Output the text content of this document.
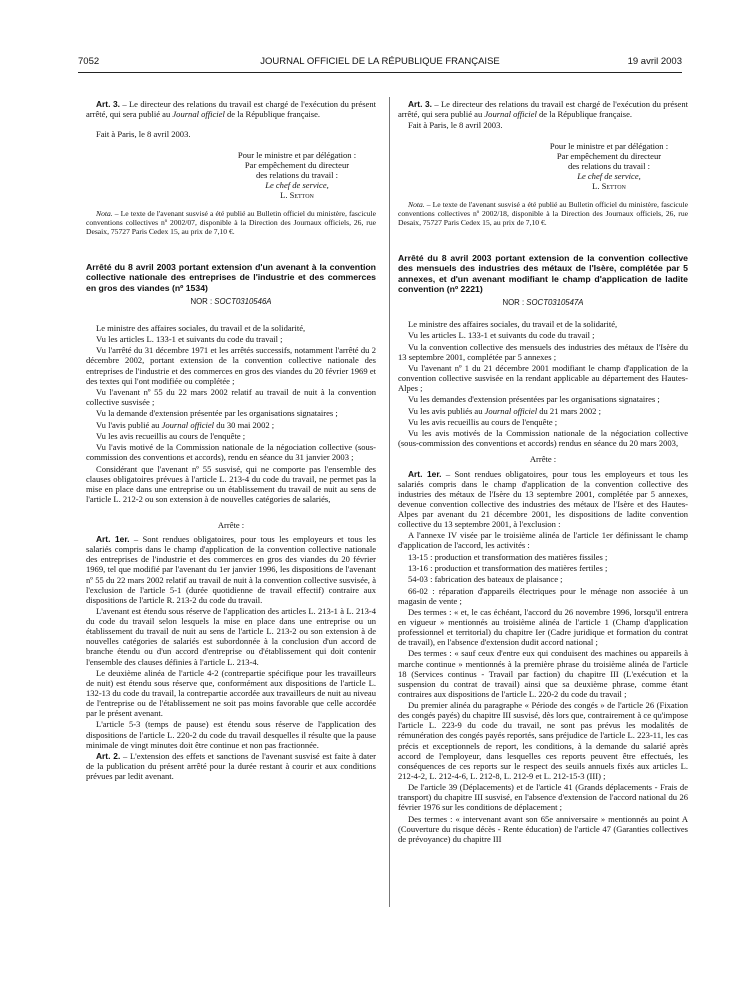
7052	JOURNAL OFFICIEL DE LA RÉPUBLIQUE FRANÇAISE	19 avril 2003

Art. 3. – Le directeur des relations du travail est chargé de l'exécution du présent arrêté, qui sera publié au Journal officiel de la République française.

Fait à Paris, le 8 avril 2003.

Pour le ministre et par délégation :

Par empêchement du directeur

des relations du travail :

Le chef de service,

L. Setton

Nota. – Le texte de l'avenant susvisé a été publié au Bulletin officiel du ministère, fascicule conventions collectives nº 2002/07, disponible à la Direction des Journaux officiels, 26, rue Desaix, 75727 Paris Cedex 15, au prix de 7,10 €.

Arrêté du 8 avril 2003 portant extension d'un avenant à la convention collective nationale des entreprises de l'industrie et des commerces en gros des viandes (nº 1534)
NOR : SOCT0310546A

Le ministre des affaires sociales, du travail et de la solidarité,

Vu les articles L. 133-1 et suivants du code du travail ;

Vu l'arrêté du 31 décembre 1971 et les arrêtés successifs, notamment l'arrêté du 2 décembre 2002, portant extension de la convention collective nationale des entreprises de l'industrie et des commerces en gros des viandes du 20 février 1969 et des textes qui l'ont modifiée ou complétée ;

Vu l'avenant nº 55 du 22 mars 2002 relatif au travail de nuit à la convention collective susvisée ;

Vu la demande d'extension présentée par les organisations signataires ;

Vu l'avis publié au Journal officiel du 30 mai 2002 ;

Vu les avis recueillis au cours de l'enquête ;

Vu l'avis motivé de la Commission nationale de la négociation collective (sous-commission des conventions et accords), rendu en séance du 31 janvier 2003 ;

Considérant que l'avenant nº 55 susvisé, qui ne comporte pas l'ensemble des clauses obligatoires prévues à l'article L. 213-4 du code du travail, ne permet pas la mise en place dans une entreprise ou un établissement du travail de nuit au sens de l'article L. 212-2 ou son extension à de nouvelles catégories de salariés,

Arrête :

Art. 1er. – Sont rendues obligatoires, pour tous les employeurs et tous les salariés compris dans le champ d'application de la convention collective nationale des entreprises de l'industrie et des commerces en gros des viandes du 20 février 1969, tel que modifié par l'avenant du 1er janvier 1996, les dispositions de l'avenant nº 55 du 22 mars 2002 relatif au travail de nuit à la convention collective susvisée, à l'exclusion de l'article 5-1 (durée quotidienne de travail effectif) contraire aux dispositions de l'article R. 213-2 du code du travail.

L'avenant est étendu sous réserve de l'application des articles L. 213-1 à L. 213-4 du code du travail selon lesquels la mise en place dans une entreprise ou un établissement du travail de nuit au sens de l'article L. 213-2 ou son extension à de nouvelles catégories de salariés est subordonnée à la conclusion d'un accord de branche étendu ou d'un accord d'entreprise ou d'établissement qui doit contenir l'ensemble des clauses définies à l'article L. 213-4.

Le deuxième alinéa de l'article 4-2 (contrepartie spécifique pour les travailleurs de nuit) est étendu sous réserve que, conformément aux dispositions de l'article L. 132-13 du code du travail, la contrepartie accordée aux travailleurs de nuit au niveau de l'entreprise ou de l'établissement ne soit pas moins favorable que celle accordée par le présent avenant.

L'article 5-3 (temps de pause) est étendu sous réserve de l'application des dispositions de l'article L. 220-2 du code du travail desquelles il résulte que la pause minimale de vingt minutes doit être continue et non pas fractionnée.

Art. 2. – L'extension des effets et sanctions de l'avenant susvisé est faite à dater de la publication du présent arrêté pour la durée restant à courir et aux conditions prévues par ledit avenant.

Art. 3. – Le directeur des relations du travail est chargé de l'exécution du présent arrêté, qui sera publié au Journal officiel de la République française.

Fait à Paris, le 8 avril 2003.

Pour le ministre et par délégation :

Par empêchement du directeur

des relations du travail :

Le chef de service,

L. Setton

Nota. – Le texte de l'avenant susvisé a été publié au Bulletin officiel du ministère, fascicule conventions collectives nº 2002/18, disponible à la Direction des Journaux officiels, 26, rue Desaix, 75727 Paris Cedex 15, au prix de 7,10 €.

Arrêté du 8 avril 2003 portant extension de la convention collective des mensuels des industries des métaux de l'Isère, complétée par 5 annexes, et d'un avenant modifiant le champ d'application de ladite convention (nº 2221)
NOR : SOCT0310547A

Le ministre des affaires sociales, du travail et de la solidarité,

Vu les articles L. 133-1 et suivants du code du travail ;

Vu la convention collective des mensuels des industries des métaux de l'Isère du 13 septembre 2001, complétée par 5 annexes ;

Vu l'avenant nº 1 du 21 décembre 2001 modifiant le champ d'application de la convention collective susvisée en la rendant applicable au département des Hautes-Alpes ;

Vu les demandes d'extension présentées par les organisations signataires ;

Vu les avis publiés au Journal officiel du 21 mars 2002 ;

Vu les avis recueillis au cours de l'enquête ;

Vu les avis motivés de la Commission nationale de la négociation collective (sous-commission des conventions et accords) rendus en séance du 20 mars 2003,

Arrête :

Art. 1er. – Sont rendues obligatoires, pour tous les employeurs et tous les salariés compris dans le champ d'application de la convention collective des industries des métaux de l'Isère du 13 septembre 2001, complétée par 5 annexes, devenue convention collective des industries des métaux de l'Isère et des Hautes-Alpes par avenant du 21 décembre 2001, les dispositions de ladite convention collective du 13 septembre 2001, à l'exclusion :

A l'annexe IV visée par le troisième alinéa de l'article 1er définissant le champ d'application de l'accord, les activités :

13-15 : production et transformation des matières fissiles ;

13-16 : production et transformation des matières fertiles ;

54-03 : fabrication des bateaux de plaisance ;

66-02 : réparation d'appareils électriques pour le ménage non associée à un magasin de vente ;

Des termes : « et, le cas échéant, l'accord du 26 novembre 1996, lorsqu'il entrera en vigueur » mentionnés au troisième alinéa de l'article 1 (Champ d'application professionnel et territorial) du chapitre Ier (Cadre juridique et formation du contrat de travail), en l'absence d'extension dudit accord national ;

Des termes : « sauf ceux d'entre eux qui conduisent des machines ou appareils à marche continue » mentionnés à la première phrase du troisième alinéa de l'article 18 (Services continus - Travail par faction) du chapitre III (L'exécution et la suspension du contrat de travail) ainsi que sa deuxième phrase, comme étant contraires aux dispositions de l'article L. 220-2 du code du travail ;

Du premier alinéa du paragraphe « Période des congés » de l'article 26 (Fixation des congés payés) du chapitre III susvisé, dès lors que, contrairement à ce qu'impose l'article L. 223-9 du code du travail, ne sont pas prévus les modalités de rémunération des congés payés reportés, sans préjudice de l'article L. 223-11, les cas précis et exceptionnels de report, les conditions, à la demande du salarié après accord de l'employeur, dans lesquelles ces reports peuvent être effectués, les conséquences de ces reports sur le respect des seuils annuels fixés aux articles L. 212-4-2, L. 212-4-6, L. 212-8, L. 212-9 et L. 212-15-3 (III) ;

De l'article 39 (Déplacements) et de l'article 41 (Grands déplacements - Frais de transport) du chapitre III susvisé, en l'absence d'extension de l'accord national du 26 février 1976 sur les conditions de déplacement ;

Des termes : « intervenant avant son 65e anniversaire » mentionnés au point A (Couverture du risque décès - Rente éducation) de l'article 47 (Garanties collectives de prévoyance) du chapitre III
